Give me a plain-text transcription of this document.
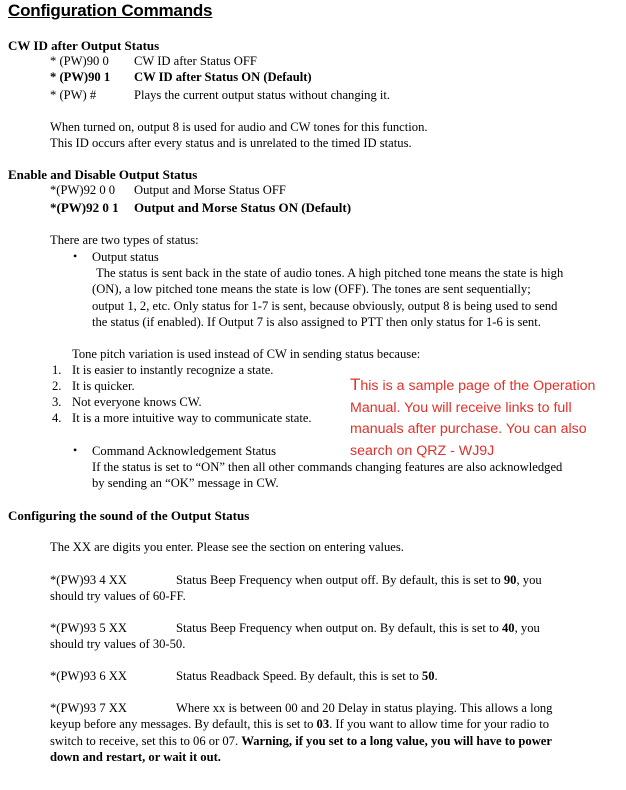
Configuration Commands
CW ID after Output Status
* (PW)90 0 CW ID after Status OFF
* (PW)90 1 CW ID after Status ON (Default)
* (PW) #	Plays the current output status without changing it.
When turned on, output 8 is used for audio and CW tones for this function.
This ID occurs after every status and is unrelated to the timed ID status.
Enable and Disable Output Status
*(PW)92 0 0 Output and Morse Status OFF
*(PW)92 0 1 Output and Morse Status ON (Default)
There are two types of status:
• Output status
The status is sent back in the state of audio tones. A high pitched tone means the state is high
(ON), a low pitched tone means the state is low (OFF). The tones are sent sequentially;
output 1, 2, etc. Only status for 1-7 is sent, because obviously, output 8 is being used to send
the status (if enabled). If Output 7 is also assigned to PTT then only status for 1-6 is sent.
Tone pitch variation is used instead of CW in sending status because:
1. It is easier to instantly recognize a state.
2. It is quicker.
3. Not everyone knows CW.
4. It is a more intuitive way to communicate state.
• Command Acknowledgement Status
If the status is set to “ON” then all other commands changing features are also acknowledged
by sending an “OK” message in CW.
Configuring the sound of the Output Status
The XX are digits you enter. Please see the section on entering values.
*(PW)93 4 XX	Status Beep Frequency when output off. By default, this is set to 90, you
should try values of 60-FF.
*(PW)93 5 XX	Status Beep Frequency when output on. By default, this is set to 40, you
should try values of 30-50.
*(PW)93 6 XX	Status Readback Speed. By default, this is set to 50.
*(PW)93 7 XX	Where xx is between 00 and 20 Delay in status playing. This allows a long
keyup before any messages. By default, this is set to 03. If you want to allow time for your radio to
switch to receive, set this to 06 or 07. Warning, if you set to a long value, you will have to power
down and restart, or wait it out.
This is a sample page of the Operation Manual. You will receive links to full manuals after purchase. You can also search on QRZ - WJ9J
